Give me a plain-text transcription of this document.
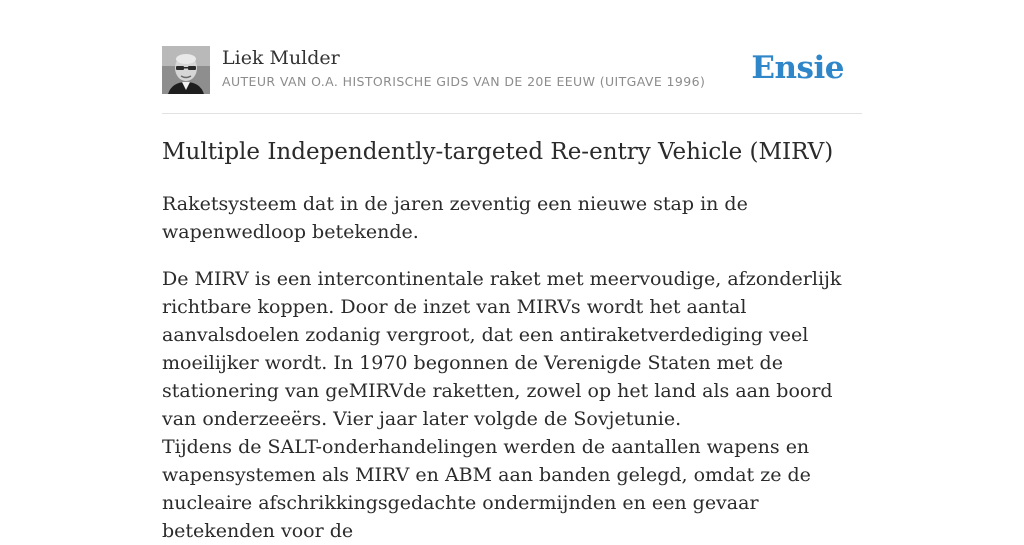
Liek Mulder
AUTEUR VAN O.A. HISTORISCHE GIDS VAN DE 20E EEUW (UITGAVE 1996) Ensie
Multiple Independently-targeted Re-entry Vehicle (MIRV)

Raketsysteem dat in de jaren zeventig een nieuwe stap in de wapenwedloop betekende.

De MIRV is een intercontinentale raket met meervoudige, afzonderlijk richtbare koppen. Door de inzet van MIRVs wordt het aantal aanvalsdoelen zodanig vergroot, dat een antiraketverdediging veel moeilijker wordt. In 1970 begonnen de Verenigde Staten met de stationering van geMIRVde raketten, zowel op het land als aan boord van onderzeeërs. Vier jaar later volgde de Sovjetunie.

Tijdens de SALT-onderhandelingen werden de aantallen wapens en wapensystemen als MIRV en ABM aan banden gelegd, omdat ze de nucleaire afschrikkingsgedachte ondermijnden en een gevaar betekenden voor de
